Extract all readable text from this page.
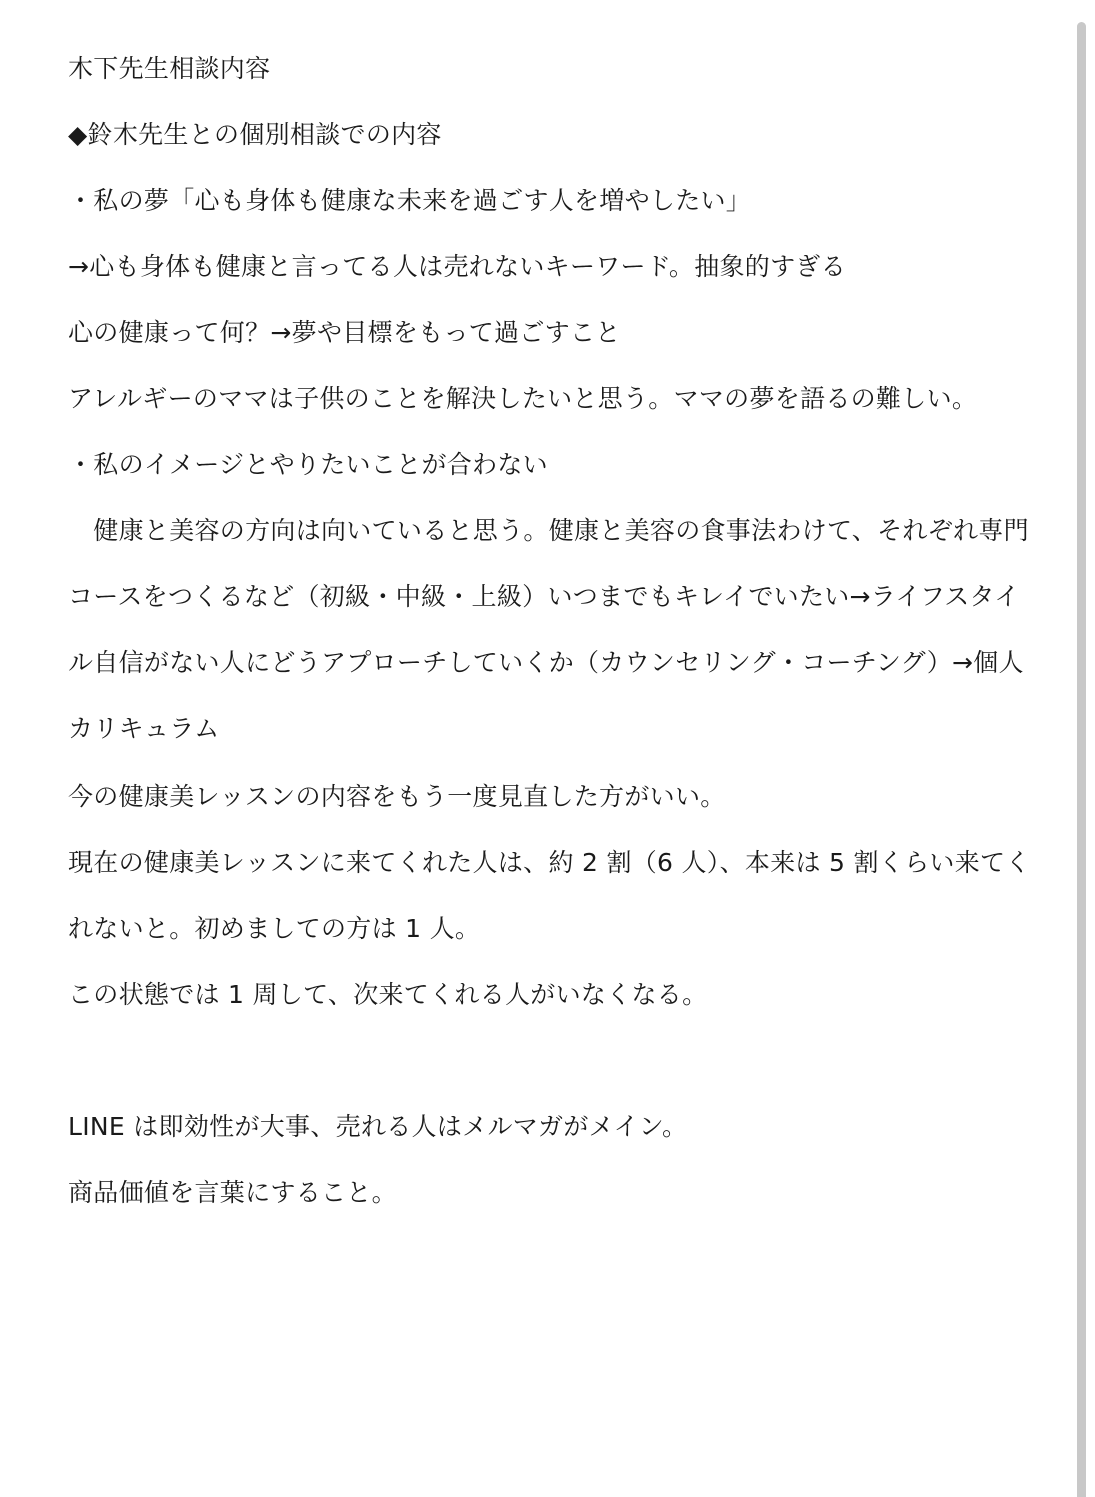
木下先生相談内容
◆鈴木先生との個別相談での内容
・私の夢「心も身体も健康な未来を過ごす人を増やしたい」
→心も身体も健康と言ってる人は売れないキーワード。抽象的すぎる
心の健康って何？→夢や目標をもって過ごすこと
アレルギーのママは子供のことを解決したいと思う。ママの夢を語るの難しい。
・私のイメージとやりたいことが合わない
　健康と美容の方向は向いていると思う。健康と美容の食事法わけて、それぞれ専門
コースをつくるなど（初級・中級・上級）いつまでもキレイでいたい→ライフスタイ
ル自信がない人にどうアプローチしていくか（カウンセリング・コーチング）→個人
カリキュラム
今の健康美レッスンの内容をもう一度見直した方がいい。
現在の健康美レッスンに来てくれた人は、約 2 割（6 人）、本来は 5 割くらい来てく
れないと。初めましての方は 1 人。
この状態では 1 周して、次来てくれる人がいなくなる。
LINE は即効性が大事、売れる人はメルマガがメイン。
商品価値を言葉にすること。
